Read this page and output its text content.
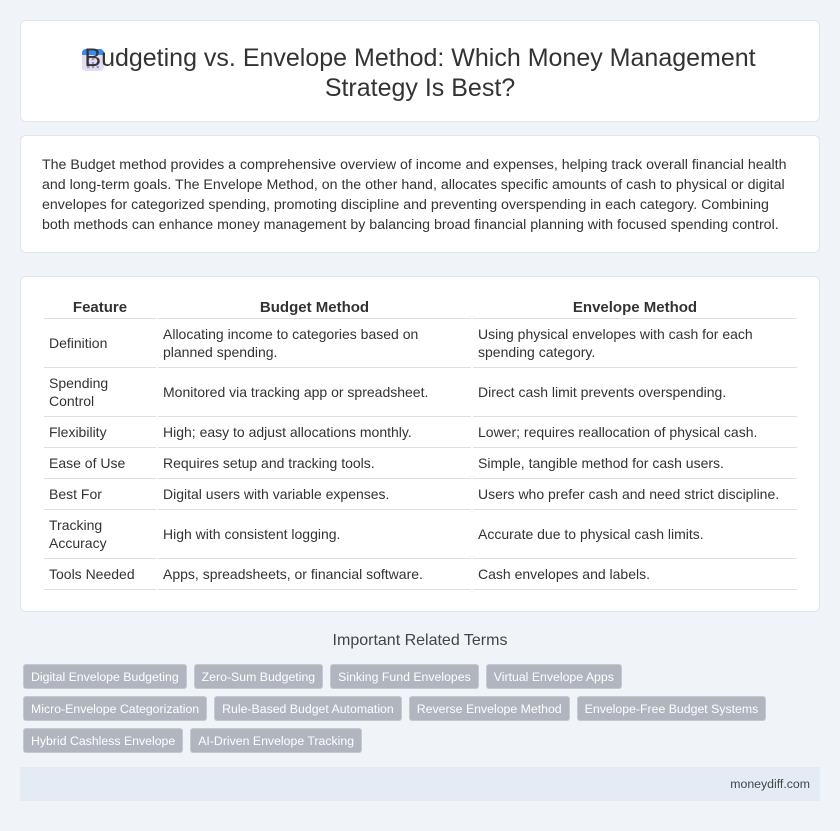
Budgeting vs. Envelope Method: Which Money Management Strategy Is Best?

The Budget method provides a comprehensive overview of income and expenses, helping track overall financial health and long-term goals. The Envelope Method, on the other hand, allocates specific amounts of cash to physical or digital envelopes for categorized spending, promoting discipline and preventing overspending in each category. Combining both methods can enhance money management by balancing broad financial planning with focused spending control.

Feature	Budget Method	Envelope Method
Definition	Allocating income to categories based on planned spending.	Using physical envelopes with cash for each spending category.
Spending Control	Monitored via tracking app or spreadsheet.	Direct cash limit prevents overspending.
Flexibility	High; easy to adjust allocations monthly.	Lower; requires reallocation of physical cash.
Ease of Use	Requires setup and tracking tools.	Simple, tangible method for cash users.
Best For	Digital users with variable expenses.	Users who prefer cash and need strict discipline.
Tracking Accuracy	High with consistent logging.	Accurate due to physical cash limits.
Tools Needed	Apps, spreadsheets, or financial software.	Cash envelopes and labels.
Important Related Terms
Digital Envelope Budgeting	Zero-Sum Budgeting	Sinking Fund Envelopes	Virtual Envelope Apps
Micro-Envelope Categorization	Rule-Based Budget Automation	Reverse Envelope Method	Envelope-Free Budget Systems
Hybrid Cashless Envelope	AI-Driven Envelope Tracking
moneydiff.com
